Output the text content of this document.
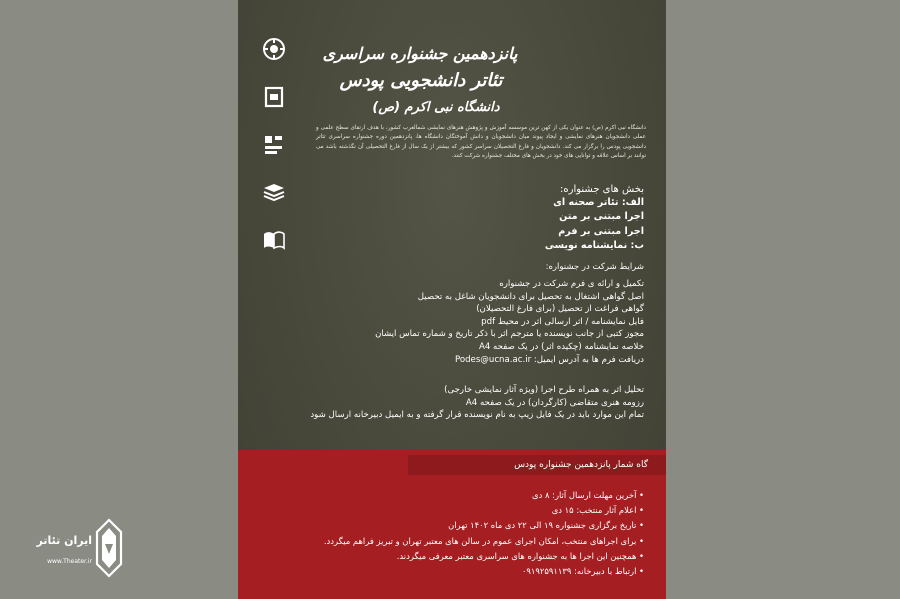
پانزدهمین جشنواره سراسری
تئاتر دانشجویی پودس
دانشگاه نبی اکرم (ص)
دانشگاه نبی اکرم (ص) به عنوان یکی از کهن ترین موسسه آموزش و پژوهش هنرهای نمایشی شمالغرب کشور، با هدف ارتقای سطح علمی و عملی دانشجویان هنرهای نمایشی و ایجاد پیوند میان دانشجویان و دانش آموختگان دانشگاه ها، پانزدهمین دوره جشنواره سراسری تئاتر دانشجویی پودس را برگزار می کند. دانشجویان و فارغ التحصیلان سراسر کشور که بیشتر از یک سال از فارغ التحصیلی آن نگذشته باشد می توانند بر اساس علاقه و توانایی های خود در بخش های مختلف جشنواره شرکت کنند.
بخش های جشنواره:
الف: تئاتر صحنه ای
اجرا مبتنی بر متن
اجرا مبتنی بر فرم
ب: نمایشنامه نویسی
شرایط شرکت در جشنواره:
تکمیل و ارائه ی فرم شرکت در جشنواره
اصل گواهی اشتغال به تحصیل برای دانشجویان شاغل به تحصیل
گواهی فراغت از تحصیل (برای فارغ التحصیلان)
فایل نمایشنامه / اثر ارسالی اثر در محیط pdf
مجوز کتبی از جانب نویسنده یا مترجم اثر با ذکر تاریخ و شماره تماس ایشان
خلاصه نمایشنامه (چکیده اثر) در یک صفحه A4
دریافت فرم ها به آدرس ایمیل: Podes@ucna.ac.ir
تحلیل اثر به همراه طرح اجرا (ویژه آثار نمایشی خارجی)
رزومه هنری متقاضی (کارگردان) در یک صفحه A4
تمام این موارد باید در یک فایل زیپ به نام نویسنده قرار گرفته و به ایمیل دبیرخانه ارسال شود
گاه شمار پانزدهمین جشنواره پودس
• آخرین مهلت ارسال آثار: ۸ دی
• اعلام آثار منتخب: ۱۵ دی
• تاریخ برگزاری جشنواره ۱۹ الی ۲۲ دی ماه ۱۴۰۲ تهران
• برای اجراهای منتخب، امکان اجرای عموم در سالن های معتبر تهران و تبریز فراهم میگردد.
• همچنین این اجرا ها به جشنواره های سراسری معتبر معرفی میگردند.
• ارتباط با دبیرخانه: ۰۹۱۹۲۵۹۱۱۳۹
ایران تئاتر
www.Theater.ir
